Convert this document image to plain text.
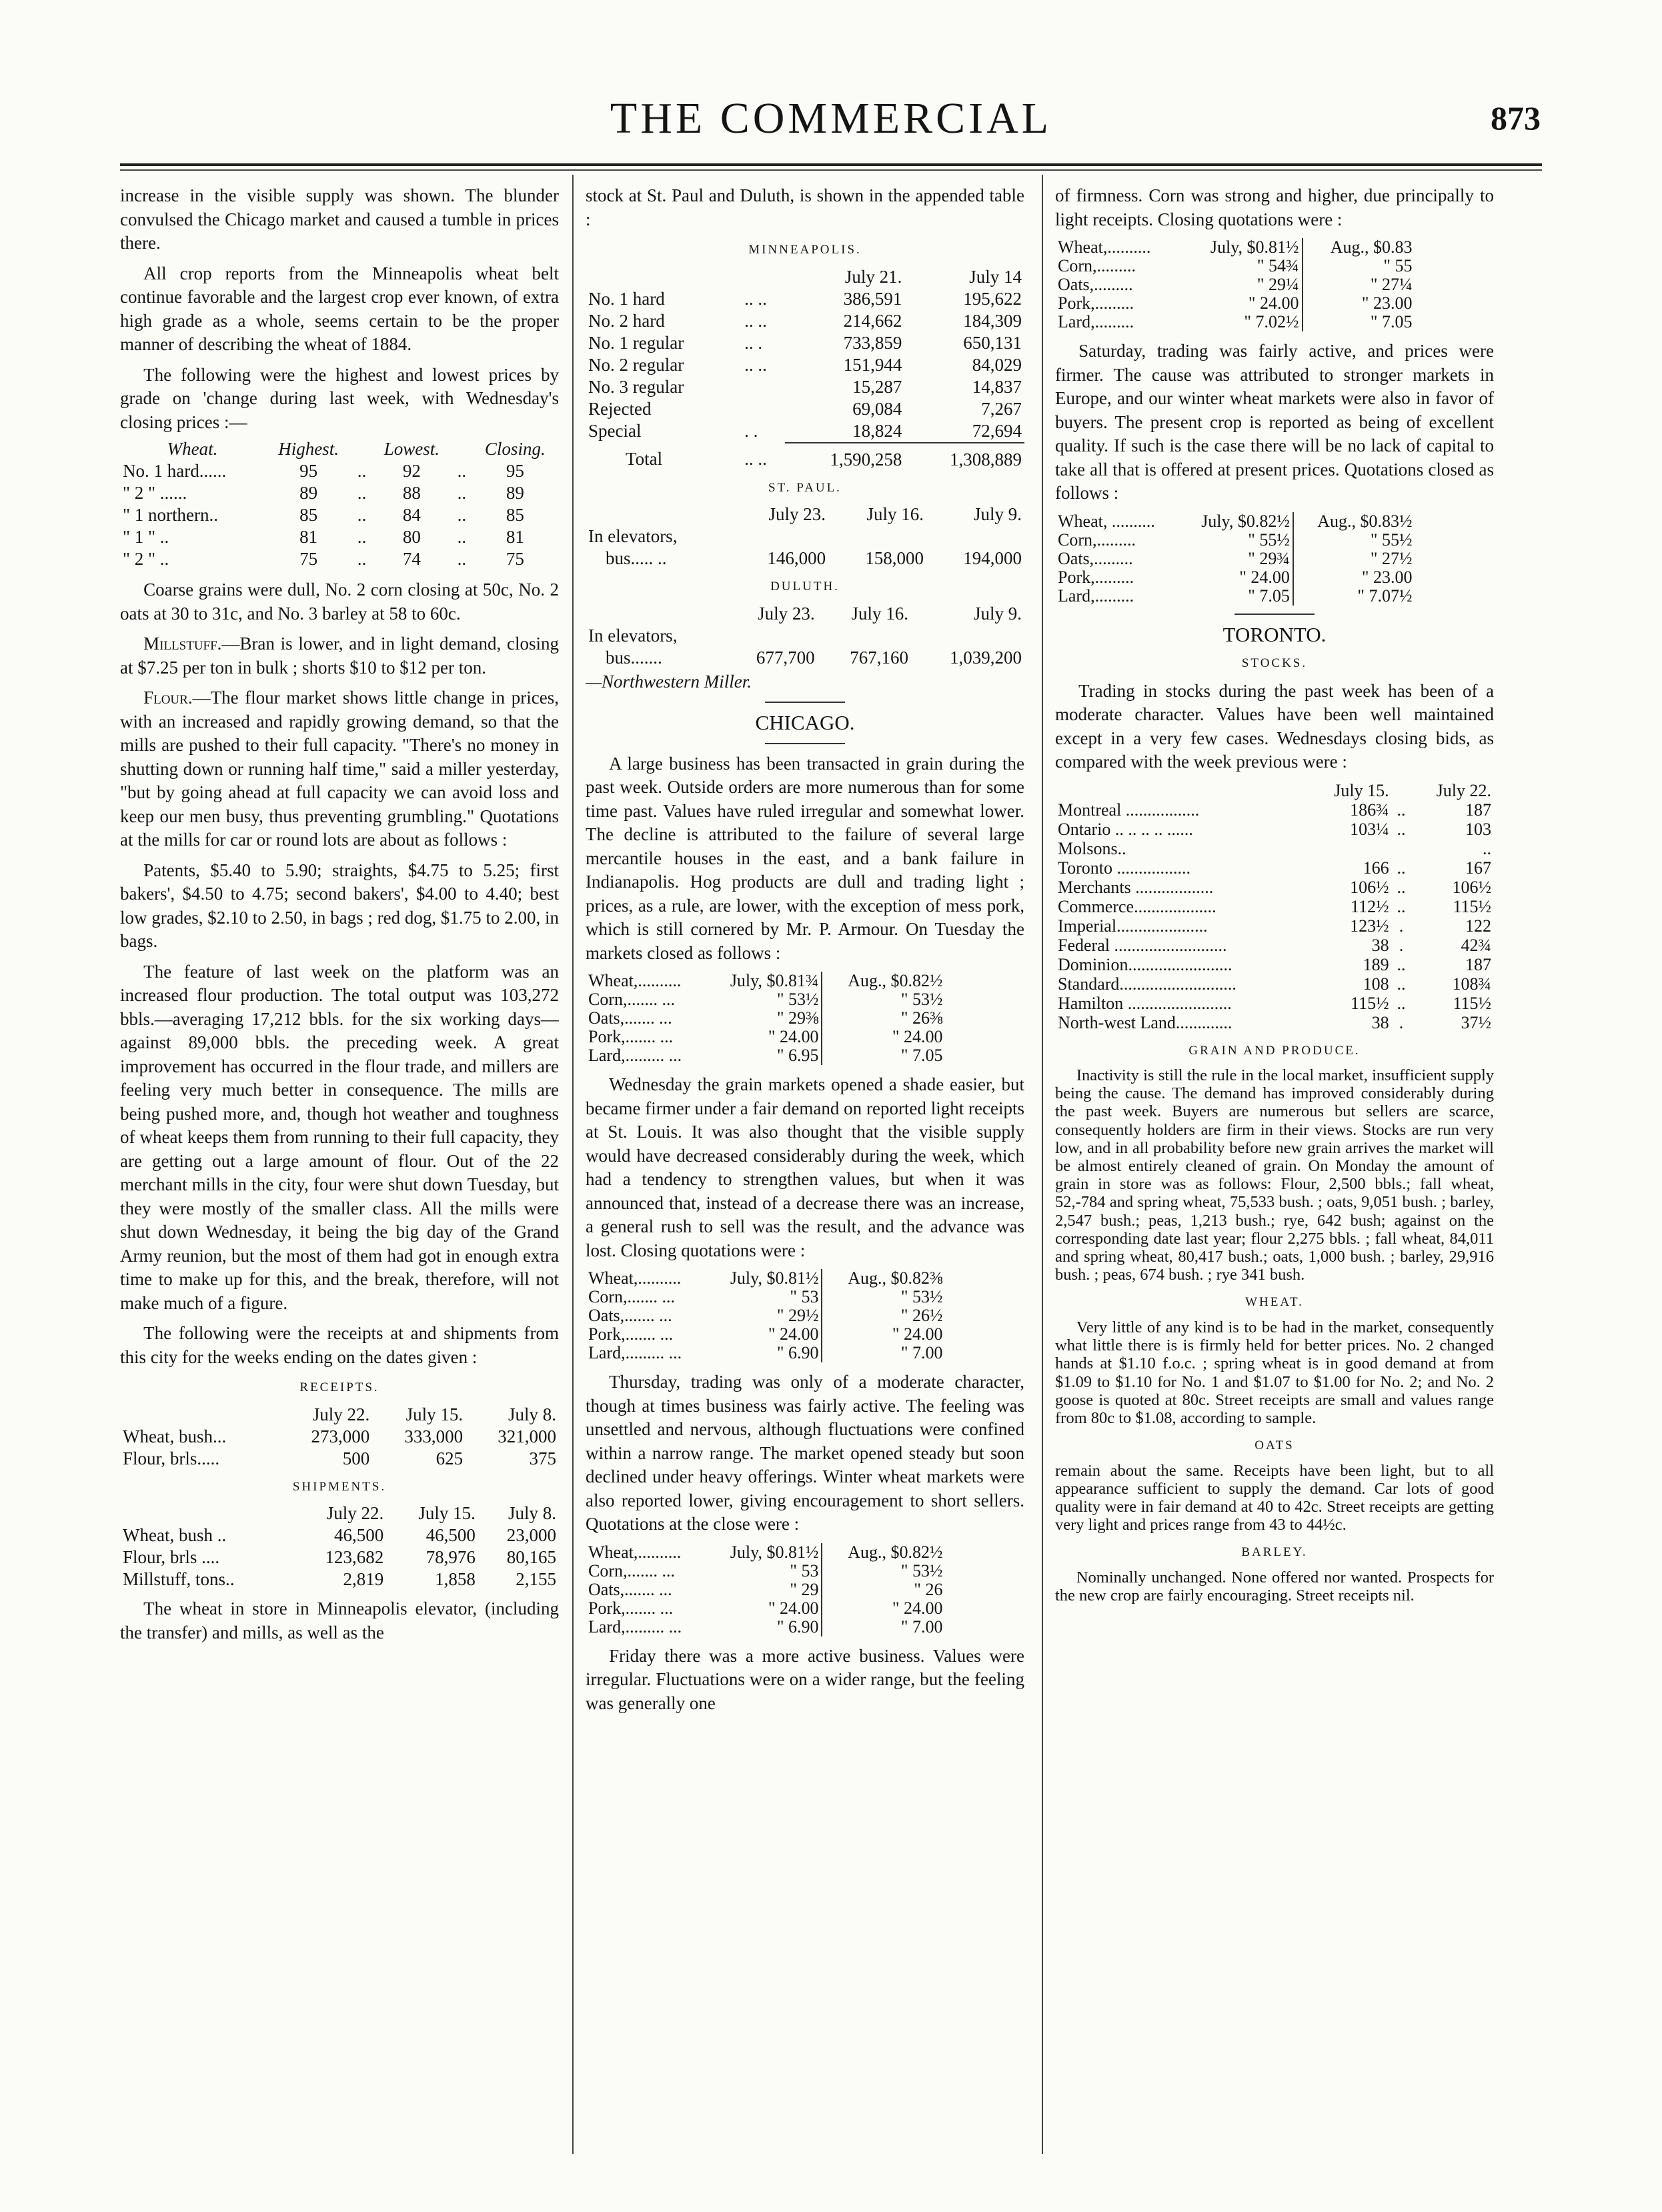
THE COMMERCIAL	873

increase in the visible supply was shown. The blunder convulsed the Chicago market and caused a tumble in prices there.

All crop reports from the Minneapolis wheat belt continue favorable and the largest crop ever known, of extra high grade as a whole, seems certain to be the proper manner of describing the wheat of 1884.

The following were the highest and lowest prices by grade on 'change during last week, with Wednesday's closing prices :—

Wheat.	Highest.		Lowest.		Closing.
No. 1 hard......	95	..	92	..	95
" 2 " ......	89	..	88	..	89
" 1 northern..	85	..	84	..	85
" 1 " ..	81	..	80	..	81
" 2 " ..	75	..	74	..	75

Coarse grains were dull, No. 2 corn closing at 50c, No. 2 oats at 30 to 31c, and No. 3 barley at 58 to 60c.

Millstuff.—Bran is lower, and in light demand, closing at $7.25 per ton in bulk ; shorts $10 to $12 per ton.

Flour.—The flour market shows little change in prices, with an increased and rapidly growing demand, so that the mills are pushed to their full capacity. "There's no money in shutting down or running half time," said a miller yesterday, "but by going ahead at full capacity we can avoid loss and keep our men busy, thus preventing grumbling." Quotations at the mills for car or round lots are about as follows :

Patents, $5.40 to 5.90; straights, $4.75 to 5.25; first bakers', $4.50 to 4.75; second bakers', $4.00 to 4.40; best low grades, $2.10 to 2.50, in bags ; red dog, $1.75 to 2.00, in bags.

The feature of last week on the platform was an increased flour production. The total output was 103,272 bbls.—averaging 17,212 bbls. for the six working days—against 89,000 bbls. the preceding week. A great improvement has occurred in the flour trade, and millers are feeling very much better in consequence. The mills are being pushed more, and, though hot weather and toughness of wheat keeps them from running to their full capacity, they are getting out a large amount of flour. Out of the 22 merchant mills in the city, four were shut down Tuesday, but they were mostly of the smaller class. All the mills were shut down Wednesday, it being the big day of the Grand Army reunion, but the most of them had got in enough extra time to make up for this, and the break, therefore, will not make much of a figure.

The following were the receipts at and shipments from this city for the weeks ending on the dates given :

RECEIPTS.
	July 22.	July 15.	July 8.
Wheat, bush...	273,000	333,000	321,000
Flour, brls.....	500	625	375
SHIPMENTS.
	July 22.	July 15.	July 8.
Wheat, bush ..	46,500	46,500	23,000
Flour, brls ....	123,682	78,976	80,165
Millstuff, tons..	2,819	1,858	2,155

The wheat in store in Minneapolis elevator, (including the transfer) and mills, as well as the

stock at St. Paul and Duluth, is shown in the appended table :

MINNEAPOLIS.
		July 21.	July 14
No. 1 hard	.. ..	386,591	195,622
No. 2 hard	.. ..	214,662	184,309
No. 1 regular	.. .	733,859	650,131
No. 2 regular	.. ..	151,944	84,029
No. 3 regular		15,287	14,837
Rejected		69,084	7,267
Special	. .	18,824	72,694
Total	.. ..	1,590,258	1,308,889
ST. PAUL.
	July 23.	July 16.	July 9.
In elevators,			
bus..... ..	146,000	158,000	194,000
DULUTH.
	July 23.	July 16.	July 9.
In elevators,			
bus.......	677,700	767,160	1,039,200
—Northwestern Miller.
CHICAGO.

A large business has been transacted in grain during the past week. Outside orders are more numerous than for some time past. Values have ruled irregular and somewhat lower. The decline is attributed to the failure of several large mercantile houses in the east, and a bank failure in Indianapolis. Hog products are dull and trading light ; prices, as a rule, are lower, with the exception of mess pork, which is still cornered by Mr. P. Armour. On Tuesday the markets closed as follows :

Wheat,..........	July, $0.81¾	Aug., $0.82½
Corn,....... ...	" 53½	" 53½
Oats,....... ...	" 29⅜	" 26⅜
Pork,....... ...	" 24.00	" 24.00
Lard,......... ...	" 6.95	" 7.05

Wednesday the grain markets opened a shade easier, but became firmer under a fair demand on reported light receipts at St. Louis. It was also thought that the visible supply would have decreased considerably during the week, which had a tendency to strengthen values, but when it was announced that, instead of a decrease there was an increase, a general rush to sell was the result, and the advance was lost. Closing quotations were :

Wheat,..........	July, $0.81½	Aug., $0.82⅜
Corn,....... ...	" 53	" 53½
Oats,....... ...	" 29½	" 26½
Pork,....... ...	" 24.00	" 24.00
Lard,......... ...	" 6.90	" 7.00

Thursday, trading was only of a moderate character, though at times business was fairly active. The feeling was unsettled and nervous, although fluctuations were confined within a narrow range. The market opened steady but soon declined under heavy offerings. Winter wheat markets were also reported lower, giving encouragement to short sellers. Quotations at the close were :

Wheat,..........	July, $0.81½	Aug., $0.82½
Corn,....... ...	" 53	" 53½
Oats,....... ...	" 29	" 26
Pork,....... ...	" 24.00	" 24.00
Lard,......... ...	" 6.90	" 7.00

Friday there was a more active business. Values were irregular. Fluctuations were on a wider range, but the feeling was generally one

of firmness. Corn was strong and higher, due principally to light receipts. Closing quotations were :

Wheat,..........	July, $0.81½	Aug., $0.83
Corn,.........	" 54¾	" 55
Oats,.........	" 29¼	" 27¼
Pork,.........	" 24.00	" 23.00
Lard,.........	" 7.02½	" 7.05

Saturday, trading was fairly active, and prices were firmer. The cause was attributed to stronger markets in Europe, and our winter wheat markets were also in favor of buyers. The present crop is reported as being of excellent quality. If such is the case there will be no lack of capital to take all that is offered at present prices. Quotations closed as follows :

Wheat, ..........	July, $0.82½	Aug., $0.83½
Corn,.........	" 55½	" 55½
Oats,.........	" 29¾	" 27½
Pork,.........	" 24.00	" 23.00
Lard,.........	" 7.05	" 7.07½
TORONTO.
STOCKS.

Trading in stocks during the past week has been of a moderate character. Values have been well maintained except in a very few cases. Wednesdays closing bids, as compared with the week previous were :

	July 15.		July 22.
Montreal .................	186¾	..	187
Ontario .. .. .. .. ......	103¼	..	103
Molsons..			..
Toronto .................	166	..	167
Merchants ..................	106½	..	106½
Commerce...................	112½	..	115½
Imperial.....................	123½	.	122
Federal ..........................	38	.	42¾
Dominion........................	189	..	187
Standard...........................	108	..	108¾
Hamilton ........................	115½	..	115½
North-west Land.............	38	.	37½
GRAIN AND PRODUCE.

Inactivity is still the rule in the local market, insufficient supply being the cause. The demand has improved considerably during the past week. Buyers are numerous but sellers are scarce, consequently holders are firm in their views. Stocks are run very low, and in all probability before new grain arrives the market will be almost entirely cleaned of grain. On Monday the amount of grain in store was as follows: Flour, 2,500 bbls.; fall wheat, 52,-784 and spring wheat, 75,533 bush. ; oats, 9,051 bush. ; barley, 2,547 bush.; peas, 1,213 bush.; rye, 642 bush; against on the corresponding date last year; flour 2,275 bbls. ; fall wheat, 84,011 and spring wheat, 80,417 bush.; oats, 1,000 bush. ; barley, 29,916 bush. ; peas, 674 bush. ; rye 341 bush.

WHEAT.

Very little of any kind is to be had in the market, consequently what little there is is firmly held for better prices. No. 2 changed hands at $1.10 f.o.c. ; spring wheat is in good demand at from $1.09 to $1.10 for No. 1 and $1.07 to $1.00 for No. 2; and No. 2 goose is quoted at 80c. Street receipts are small and values range from 80c to $1.08, according to sample.

OATS

remain about the same. Receipts have been light, but to all appearance sufficient to supply the demand. Car lots of good quality were in fair demand at 40 to 42c. Street receipts are getting very light and prices range from 43 to 44½c.

BARLEY.

Nominally unchanged. None offered nor wanted. Prospects for the new crop are fairly encouraging. Street receipts nil.
